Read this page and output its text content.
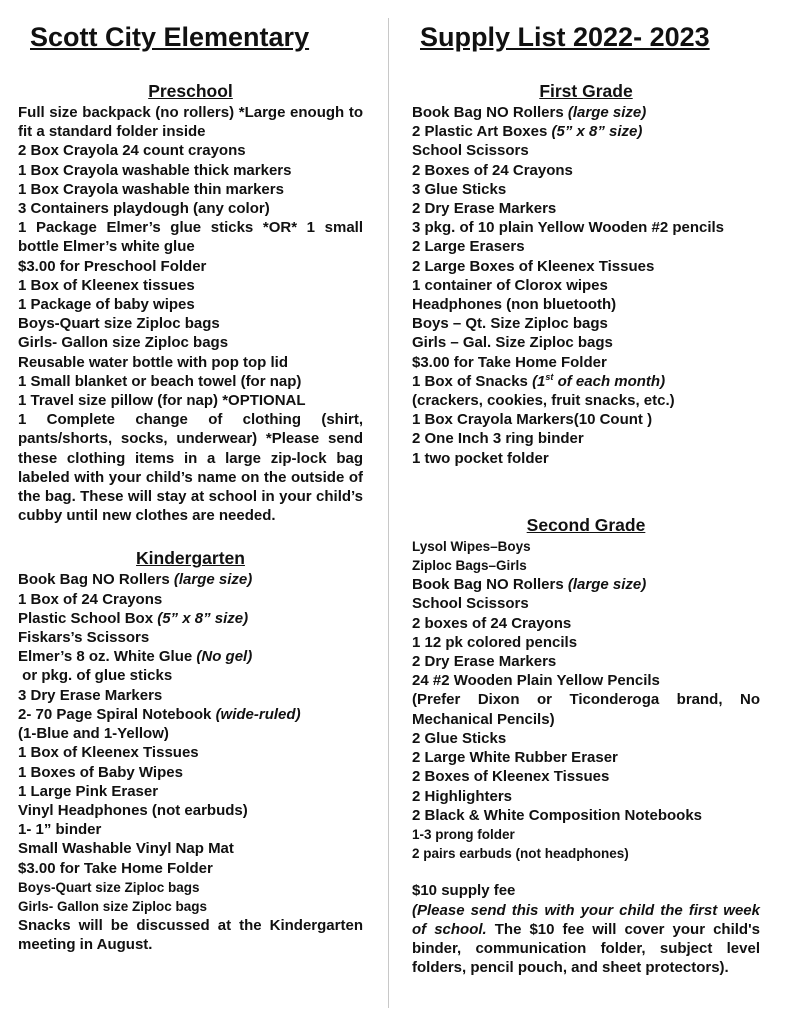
Scott City Elementary	Supply List 2022- 2023
Preschool

Full size backpack (no rollers) *Large enough to fit a standard folder inside

2 Box Crayola 24 count crayons

1 Box Crayola washable thick markers

1 Box Crayola washable thin markers

3 Containers playdough (any color)

1 Package Elmer’s glue sticks *OR* 1 small bottle Elmer’s white glue

$3.00 for Preschool Folder

1 Box of Kleenex tissues

1 Package of baby wipes

Boys-Quart size Ziploc bags

Girls- Gallon size Ziploc bags

Reusable water bottle with pop top lid

1 Small blanket or beach towel (for nap)

1 Travel size pillow (for nap) *OPTIONAL

1 Complete change of clothing (shirt, pants/shorts, socks, underwear) *Please send these clothing items in a large zip-lock bag labeled with your child’s name on the outside of the bag. These will stay at school in your child’s cubby until new clothes are needed.

Kindergarten

Book Bag NO Rollers (large size)

1 Box of 24 Crayons

Plastic School Box (5” x 8” size)

Fiskars’s Scissors

Elmer’s 8 oz. White Glue (No gel)

or pkg. of glue sticks

3 Dry Erase Markers

2- 70 Page Spiral Notebook (wide-ruled)

(1-Blue and 1-Yellow)

1 Box of Kleenex Tissues

1 Boxes of Baby Wipes

1 Large Pink Eraser

Vinyl Headphones (not earbuds)

1- 1” binder

Small Washable Vinyl Nap Mat

$3.00 for Take Home Folder

Boys-Quart size Ziploc bags

Girls- Gallon size Ziploc bags

Snacks will be discussed at the Kindergarten meeting in August.

First Grade

Book Bag NO Rollers (large size)

2 Plastic Art Boxes (5” x 8” size)

School Scissors

2 Boxes of 24 Crayons

3 Glue Sticks

2 Dry Erase Markers

3 pkg. of 10 plain Yellow Wooden #2 pencils

2 Large Erasers

2 Large Boxes of Kleenex Tissues

1 container of Clorox wipes

Headphones (non bluetooth)

Boys – Qt. Size Ziploc bags

Girls – Gal. Size Ziploc bags

$3.00 for Take Home Folder

1 Box of Snacks (1st of each month)

(crackers, cookies, fruit snacks, etc.)

1 Box Crayola Markers(10 Count )

2 One Inch 3 ring binder

1 two pocket folder

Second Grade

Lysol Wipes–Boys

Ziploc Bags–Girls

Book Bag NO Rollers (large size)

School Scissors

2 boxes of 24 Crayons

1 12 pk colored pencils

2 Dry Erase Markers

24 #2 Wooden Plain Yellow Pencils

(Prefer Dixon or Ticonderoga brand, No Mechanical Pencils)

2 Glue Sticks

2 Large White Rubber Eraser

2 Boxes of Kleenex Tissues

2 Highlighters

2 Black & White Composition Notebooks

1-3 prong folder

2 pairs earbuds (not headphones)

$10 supply fee

(Please send this with your child the first week of school. The $10 fee will cover your child's binder, communication folder, subject level folders, pencil pouch, and sheet protectors).
